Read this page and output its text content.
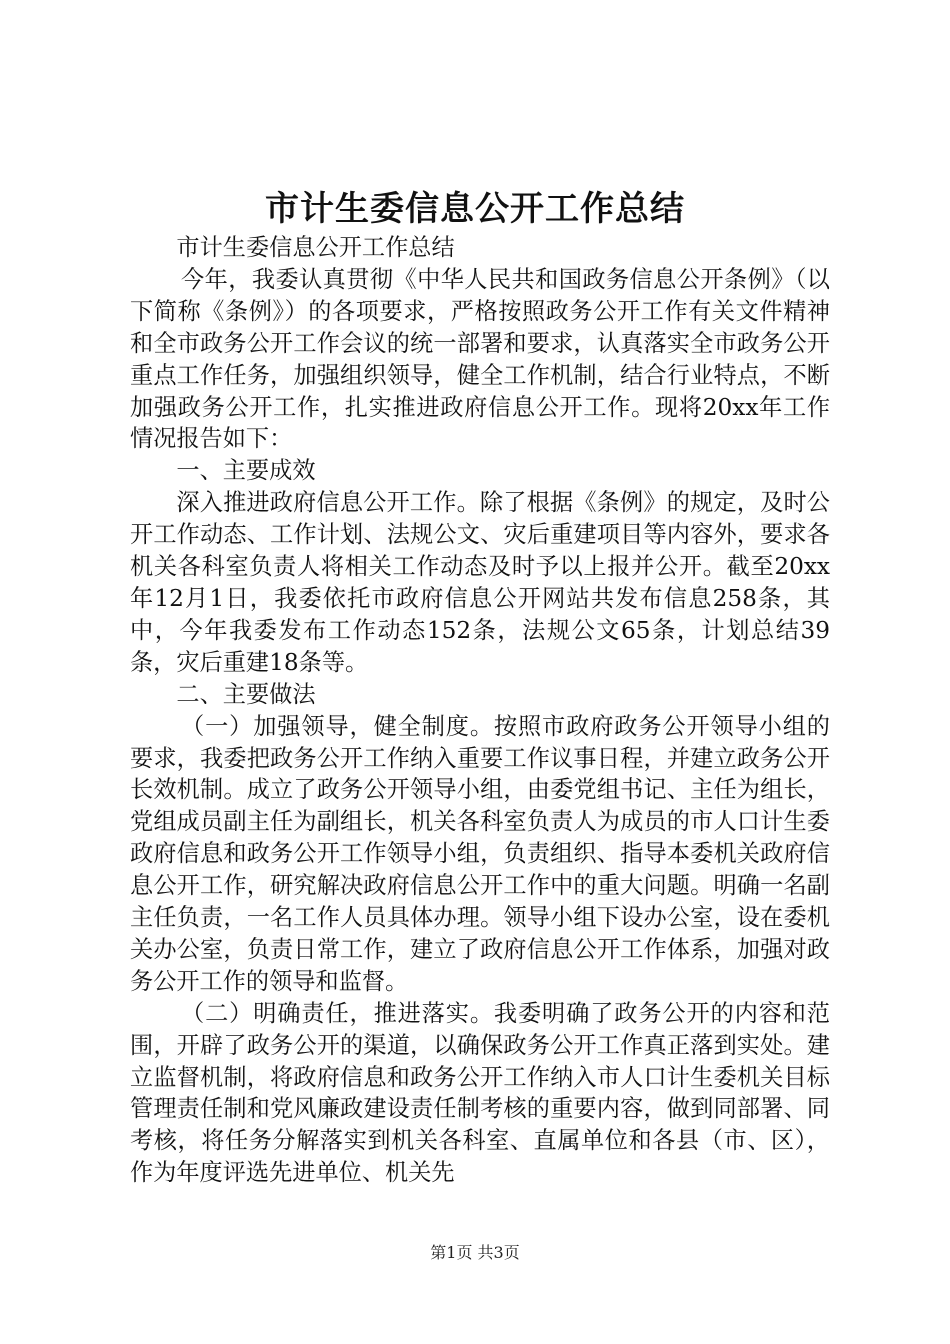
市计生委信息公开工作总结

市计生委信息公开工作总结

今年，我委认真贯彻《中华人民共和国政务信息公开条例》（以下简称《条例》）的各项要求，严格按照政务公开工作有关文件精神和全市政务公开工作会议的统一部署和要求，认真落实全市政务公开重点工作任务，加强组织领导，健全工作机制，结合行业特点，不断加强政务公开工作，扎实推进政府信息公开工作。现将20xx年工作情况报告如下：

一、主要成效

深入推进政府信息公开工作。除了根据《条例》的规定，及时公开工作动态、工作计划、法规公文、灾后重建项目等内容外，要求各机关各科室负责人将相关工作动态及时予以上报并公开。截至20xx年12月1日，我委依托市政府信息公开网站共发布信息258条，其中，今年我委发布工作动态152条，法规公文65条，计划总结39条，灾后重建18条等。

二、主要做法

（一）加强领导，健全制度。按照市政府政务公开领导小组的要求，我委把政务公开工作纳入重要工作议事日程，并建立政务公开长效机制。成立了政务公开领导小组，由委党组书记、主任为组长，党组成员副主任为副组长，机关各科室负责人为成员的市人口计生委政府信息和政务公开工作领导小组，负责组织、指导本委机关政府信息公开工作，研究解决政府信息公开工作中的重大问题。明确一名副主任负责，一名工作人员具体办理。领导小组下设办公室，设在委机关办公室，负责日常工作，建立了政府信息公开工作体系，加强对政务公开工作的领导和监督。

（二）明确责任，推进落实。我委明确了政务公开的内容和范围，开辟了政务公开的渠道，以确保政务公开工作真正落到实处。建立监督机制，将政府信息和政务公开工作纳入市人口计生委机关目标管理责任制和党风廉政建设责任制考核的重要内容，做到同部署、同考核，将任务分解落实到机关各科室、直属单位和各县（市、区），作为年度评选先进单位、机关先

第1页 共3页
